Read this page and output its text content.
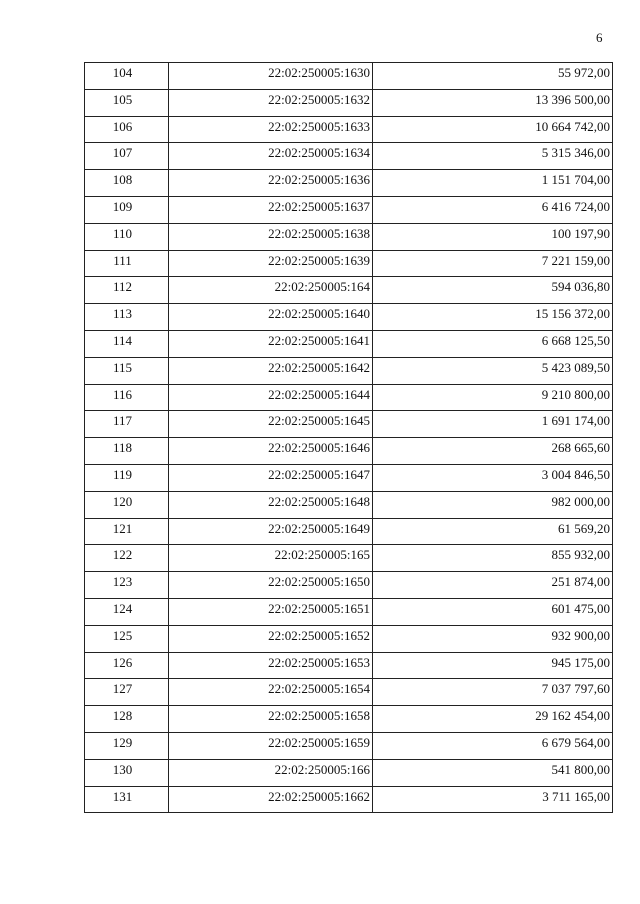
6
104	22:02:250005:1630	55 972,00
105	22:02:250005:1632	13 396 500,00
106	22:02:250005:1633	10 664 742,00
107	22:02:250005:1634	5 315 346,00
108	22:02:250005:1636	1 151 704,00
109	22:02:250005:1637	6 416 724,00
110	22:02:250005:1638	100 197,90
111	22:02:250005:1639	7 221 159,00
112	22:02:250005:164	594 036,80
113	22:02:250005:1640	15 156 372,00
114	22:02:250005:1641	6 668 125,50
115	22:02:250005:1642	5 423 089,50
116	22:02:250005:1644	9 210 800,00
117	22:02:250005:1645	1 691 174,00
118	22:02:250005:1646	268 665,60
119	22:02:250005:1647	3 004 846,50
120	22:02:250005:1648	982 000,00
121	22:02:250005:1649	61 569,20
122	22:02:250005:165	855 932,00
123	22:02:250005:1650	251 874,00
124	22:02:250005:1651	601 475,00
125	22:02:250005:1652	932 900,00
126	22:02:250005:1653	945 175,00
127	22:02:250005:1654	7 037 797,60
128	22:02:250005:1658	29 162 454,00
129	22:02:250005:1659	6 679 564,00
130	22:02:250005:166	541 800,00
131	22:02:250005:1662	3 711 165,00
